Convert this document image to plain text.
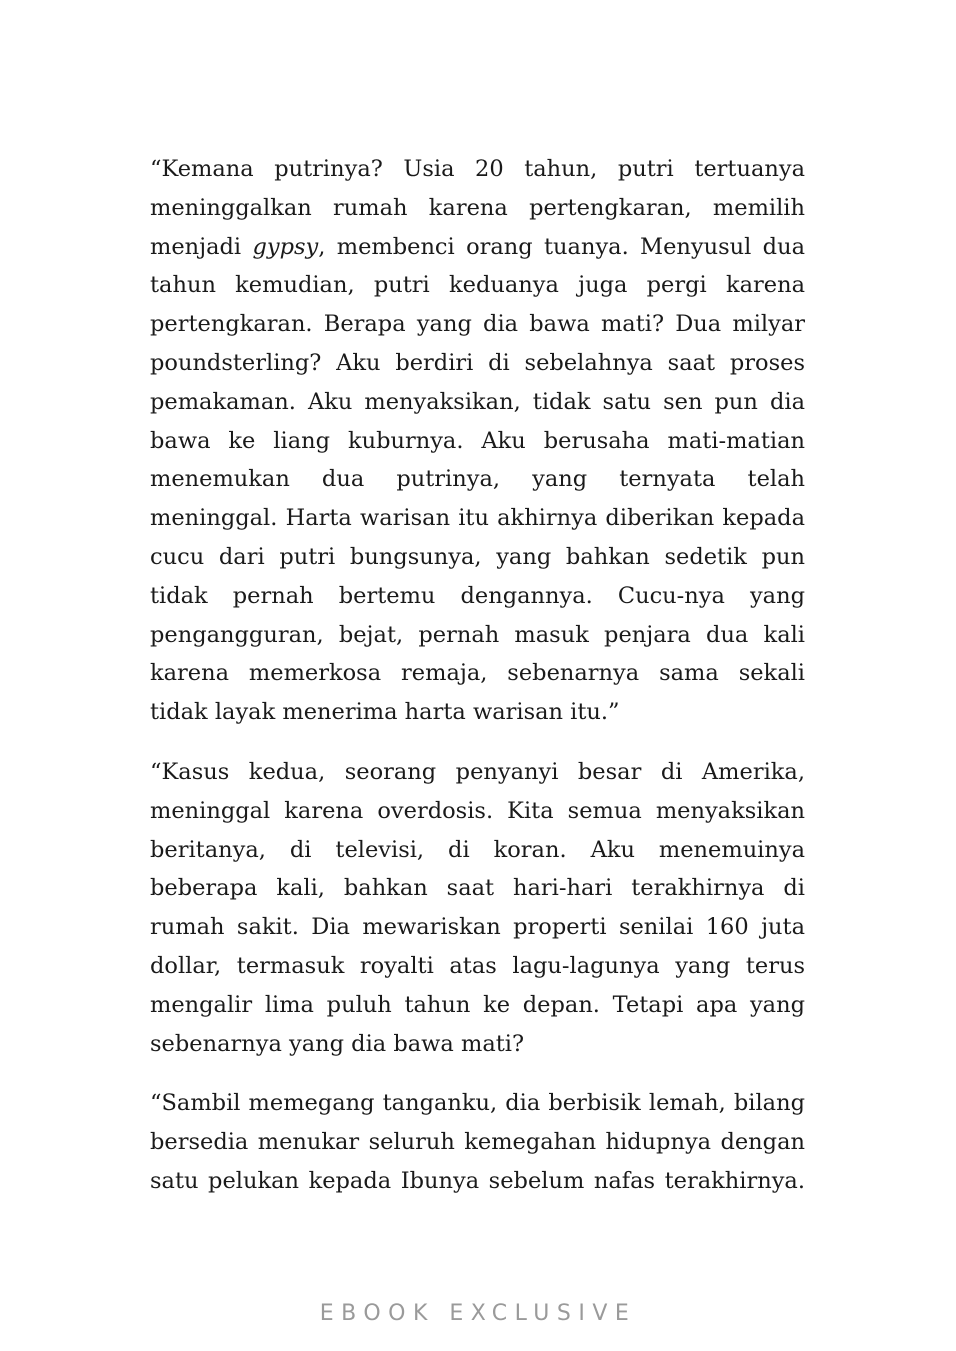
“Kemana putrinya? Usia 20 tahun, putri tertuanya meninggalkan rumah karena pertengkaran, memilih menjadi gypsy, membenci orang tuanya. Menyusul dua tahun kemudian, putri keduanya juga pergi karena pertengkaran. Berapa yang dia bawa mati? Dua milyar poundsterling? Aku berdiri di sebelahnya saat proses pemakaman. Aku menyaksikan, tidak satu sen pun dia bawa ke liang kuburnya. Aku berusaha mati-matian menemukan dua putrinya, yang ternyata telah meninggal. Harta warisan itu akhirnya diberikan kepada cucu dari putri bungsunya, yang bahkan sedetik pun tidak pernah bertemu dengannya. Cucu-nya yang pengangguran, bejat, pernah masuk penjara dua kali karena memerkosa remaja, sebenarnya sama sekali tidak layak menerima harta warisan itu.”

“Kasus kedua, seorang penyanyi besar di Amerika, meninggal karena overdosis. Kita semua menyaksikan beritanya, di televisi, di koran. Aku menemuinya beberapa kali, bahkan saat hari-hari terakhirnya di rumah sakit. Dia mewariskan properti senilai 160 juta dollar, termasuk royalti atas lagu-lagunya yang terus mengalir lima puluh tahun ke depan. Tetapi apa yang sebenarnya yang dia bawa mati?

“Sambil memegang tanganku, dia berbisik lemah, bilang bersedia menukar seluruh kemegahan hidupnya dengan satu pelukan kepada Ibunya sebelum nafas terakhirnya.

EBOOK EXCLUSIVE
